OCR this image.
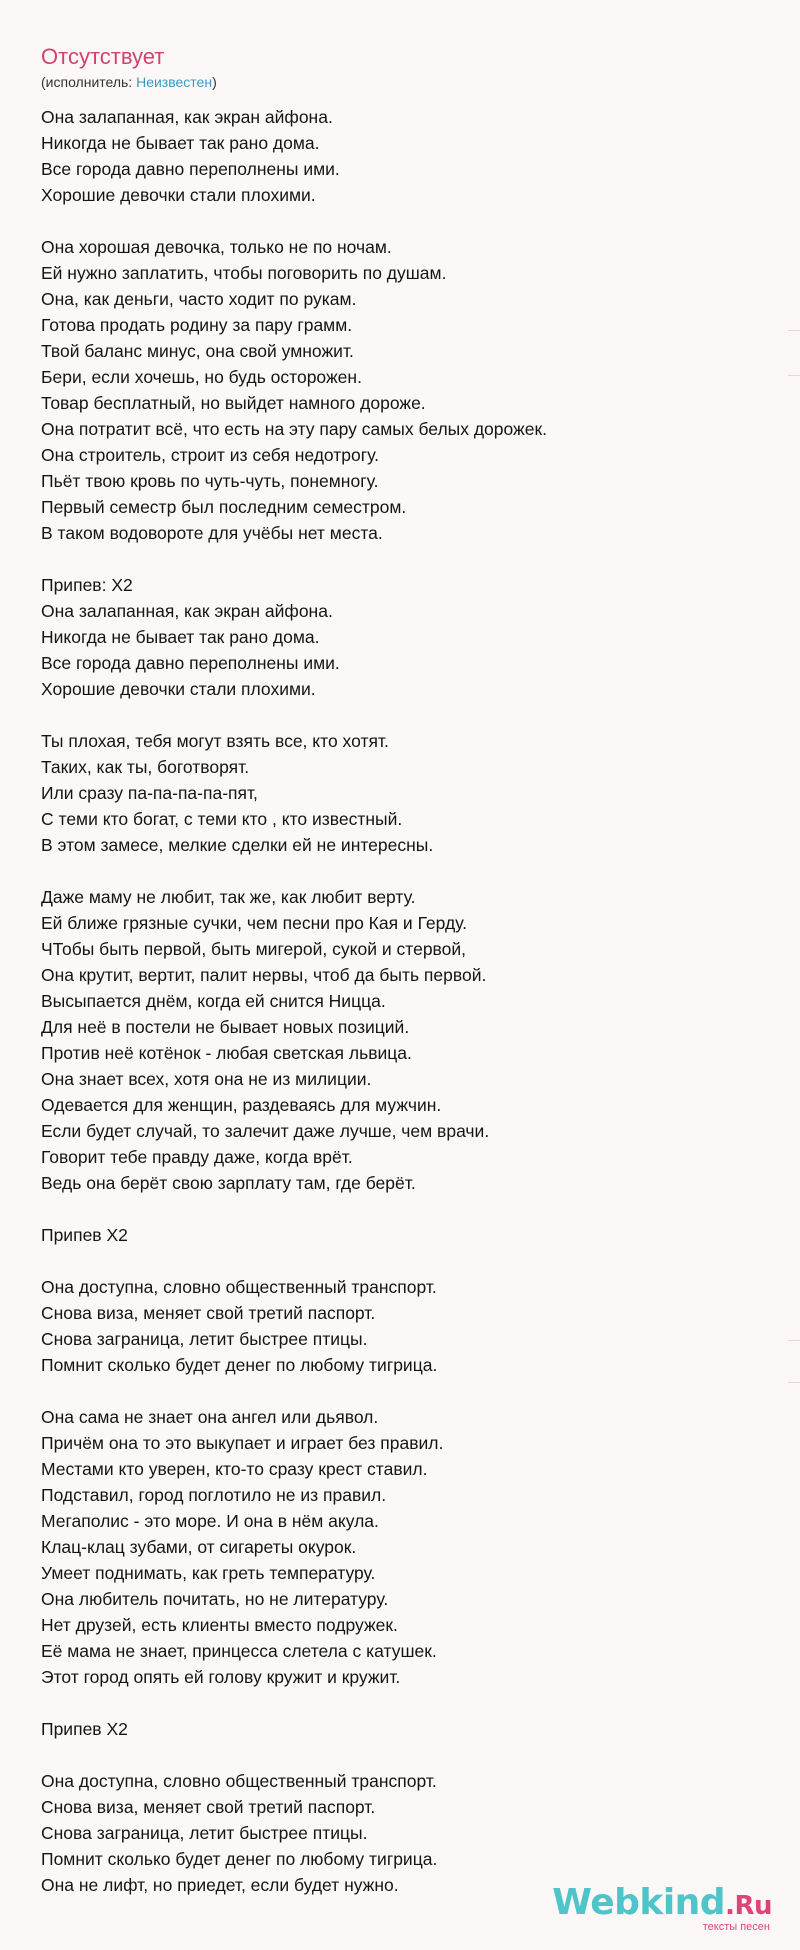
Отсутствует
(исполнитель: Неизвестен)
Она залапанная, как экран айфона.
Никогда не бывает так рано дома.
Все города давно переполнены ими.
Хорошие девочки стали плохими.
Она хорошая девочка, только не по ночам.
Ей нужно заплатить, чтобы поговорить по душам.
Она, как деньги, часто ходит по рукам.
Готова продать родину за пару грамм.
Твой баланс минус, она свой умножит.
Бери, если хочешь, но будь осторожен.
Товар бесплатный, но выйдет намного дороже.
Она потратит всё, что есть на эту пару самых белых дорожек.
Она строитель, строит из себя недотрогу.
Пьёт твою кровь по чуть-чуть, понемногу.
Первый семестр был последним семестром.
В таком водовороте для учёбы нет места.
Припев: Х2
Она залапанная, как экран айфона.
Никогда не бывает так рано дома.
Все города давно переполнены ими.
Хорошие девочки стали плохими.
Ты плохая, тебя могут взять все, кто хотят.
Таких, как ты, боготворят.
Или сразу па-па-па-па-пят,
С теми кто богат, с теми кто , кто известный.
В этом замесе, мелкие сделки ей не интересны.
Даже маму не любит, так же, как любит верту.
Ей ближе грязные сучки, чем песни про Кая и Герду.
ЧТобы быть первой, быть мигерой, сукой и стервой,
Она крутит, вертит, палит нервы, чтоб да быть первой.
Высыпается днём, когда ей снится Ницца.
Для неё в постели не бывает новых позиций.
Против неё котёнок - любая светская львица.
Она знает всех, хотя она не из милиции.
Одевается для женщин, раздеваясь для мужчин.
Если будет случай, то залечит даже лучше, чем врачи.
Говорит тебе правду даже, когда врёт.
Ведь она берёт свою зарплату там, где берёт.
Припев Х2
Она доступна, словно общественный транспорт.
Снова виза, меняет свой третий паспорт.
Снова заграница, летит быстрее птицы.
Помнит сколько будет денег по любому тигрица.
Она сама не знает она ангел или дьявол.
Причём она то это выкупает и играет без правил.
Местами кто уверен, кто-то сразу крест ставил.
Подставил, город поглотило не из правил.
Мегаполис - это море. И она в нём акула.
Клац-клац зубами, от сигареты окурок.
Умеет поднимать, как греть температуру.
Она любитель почитать, но не литературу.
Нет друзей, есть клиенты вместо подружек.
Её мама не знает, принцесса слетела с катушек.
Этот город опять ей голову кружит и кружит.
Припев Х2
Она доступна, словно общественный транспорт.
Снова виза, меняет свой третий паспорт.
Снова заграница, летит быстрее птицы.
Помнит сколько будет денег по любому тигрица.
Она не лифт, но приедет, если будет нужно.	Webkind.Ru
тексты песен
